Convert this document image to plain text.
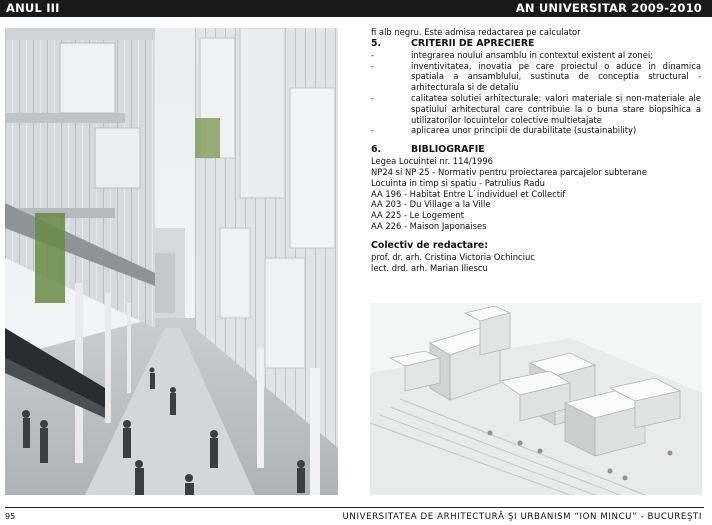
ANUL III	AN UNIVERSITAR 2009-2010

fi alb negru. Este admisa redactarea pe calculator

5.	CRITERII DE APRECIERE
-	integrarea noului ansamblu in contextul existent al zonei;
-	inventivitatea, inovatia pe care proiectul o aduce in dinamica spatiala a ansamblului, sustinuta de conceptia structural - arhitecturala si de detaliu
-	calitatea solutiei arhitecturale: valori materiale si non-materiale ale spatiului arhitectural care contribuie la o buna stare biopsihica a utilizatorilor locuintelor colective multietajate
-	aplicarea unor principii de durabilitate (sustainability)
6.	BIBLIOGRAFIE

Legea Locuintei nr. 114/1996

NP24 si NP 25 - Normativ pentru proiectarea parcajelor subterane

Locuinta in timp si spatiu - Patrulius Radu

AA 196 - Habitat Entre L`individuel et Collectif

AA 203 - Du Village a la Ville

AA 225 - Le Logement

AA 226 - Maison Japonaises

Colectiv de redactare:

prof. dr. arh. Cristina Victoria Ochinciuc

lect. drd. arh. Marian Iliescu

95	UNIVERSITATEA DE ARHITECTURĂ ŞI URBANISM “ION MINCU” - BUCUREŞTI
